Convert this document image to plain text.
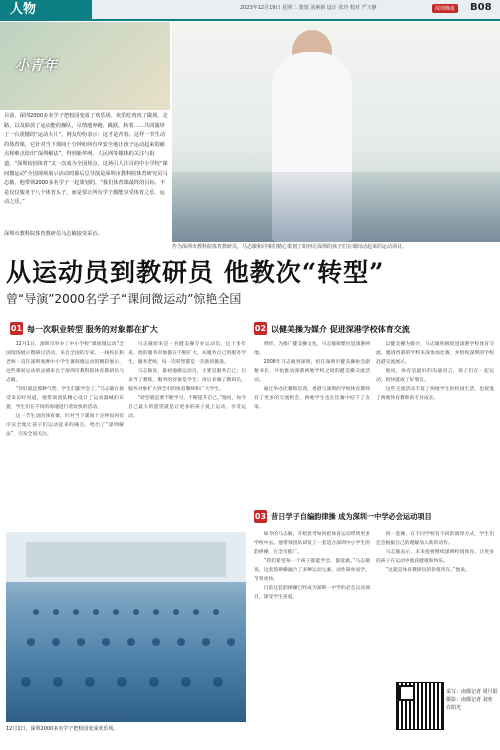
人物	2023年12月19日 星期二 策划 刘素新 设计 张玲 校对 严玉静	深圳晚报	B08
小青年
目前，深圳2000多名学子把校园变成了欢乐场，欢乐吃肉肉了做场，走路，以及除放了运动能的操队，尽情地奔跑，跳跃，转着……共同演绎了一台震撼的“运动大片”。网友纷纷表示：这才是青春。这样一节生动的体育课，它针对当下课间十分钟如何有序安全地让孩子运动起来的痛点和难点给出“深圳解法”，得到新华网、人民网等媒体的关注与报道。“深圳校园体育”又一次成为全国焦点。这场引人注目的中小学校“课间微运动”全国现场展示活动的幕后总导演是深圳市教科院体育研究员马志敏，他带领2000多名学子一起策划的，“我们体育课最终的目标，不是仅仅服务于八个体育头子，而是要让所有学子都能享受体育之乐、运动之乐。”
深圳市教科院体育教研员马志敏接受采访。
作为深圳市教科院体育教研员，马志敏和同事们精心策划了如何让深圳的孩子们在课间动起来的运动项目。
从运动员到教研员 他教次“转型”
曾“导演”2000名学子“课间微运动”惊艳全国
01 每一次职业转型 服务的对象都在扩大	02 以健美操为媒介 促进深港学校体育交流

12月1日，深圳市举办了中小学校“课间微运动”全国现场展示暨研讨活动，来自全国的专家、一线校长和老师一直在深圳观摩中小学生课间微运动的精彩展示，这些课间运动的灵感来自于深圳市教科院体育教研员马志敏。

“你好就是那种气势，学生们都学会了。”马志敏在接受采访时说道，他带领团队精心设计了运动器械的布置，学生们在不同的场地进行着欢快的活动。

这一节生动的体育课，针对当下课间十分钟如何有序安全地让孩子们运动起来的痛点，给出了“深圳解法”，引发全国关注。

马志敏原来是一名健美操专业运动员，这十多年来，他的服务对象都在不断扩大，从服务自己到服务学生、服务老师，每一次转型都是一次新的挑战。

马志敏说，最初他做运动员，主要是服务自己；后来当了教练，服务的对象是学生；再后来做了教研员，服务对象扩大到全市的体育教师和广大学生。

“转型就是要不断学习，不断提升自己。”他说，如今自己最大的愿望就是让更多的孩子爱上运动、享受运动。

曾经，为推广健美操文化，马志敏频繁往返深港两地。

2008年马志敏到深圳，担任深圳市健美操协会副秘书长，开始推动深港两地学校之间的健美操交流活动。

通过举办比赛和培训，香港与深圳的学校体育教师有了更多的交流机会，两地学生也在比赛中结下了友谊。

以健美操为媒介，马志敏积极促进深港学校体育交流，邀请香港的学校来深参加比赛，并组织深圳的学校赴港交流展示。

他说，体育是最好的沟通语言，孩子们在一起运动，很快就成了好朋友。

这些交流活动丰富了两地学生的校园生活，也促进了两地体育教师的专业成长。

03 昔日学子自编韵律操 成为深圳一中学必会运动项目

如今的马志敏，开始思考如何把体育运动带到更多学校中去。他带领团队研发了一套适合深圳中小学生的韵律操，在全市推广。

“我们希望每一个孩子都能学会、都爱做。”马志敏说，这套韵律操融合了多种运动元素，动作简单易学，节奏欢快。

目前这套韵律操已经成为深圳一中学的必会运动项目，深受学生喜爱。

同一套操，在不同学校有不同的演绎方式，学生们还会根据自己的理解加入新的动作。

马志敏表示，未来他将继续深耕校园体育，让更多的孩子在运动中收获健康和快乐。

“这就是体育教研员的价值所在。”他说。

12月1日，深圳2000多名学子把校园变成欢乐场。
采写：南都记者 周旦阳
摄影：南都记者 刘奕
许阳光
